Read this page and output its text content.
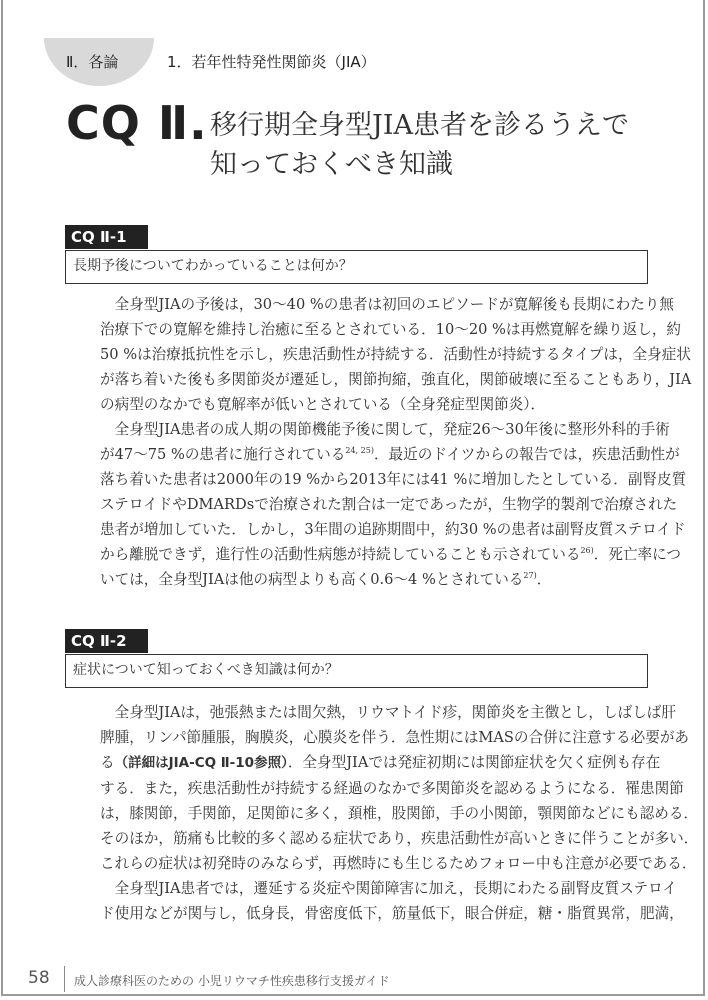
Ⅱ．各論	1．若年性特発性関節炎（JIA）
CQ Ⅱ. 移行期全身型JIA患者を診るうえで
知っておくべき知識
CQ Ⅱ-1
長期予後についてわかっていることは何か？
全身型JIAの予後は，30～40 %の患者は初回のエピソードが寛解後も長期にわたり無
治療下での寛解を維持し治癒に至るとされている．10～20 %は再燃寛解を繰り返し，約
50 %は治療抵抗性を示し，疾患活動性が持続する．活動性が持続するタイプは，全身症状
が落ち着いた後も多関節炎が遷延し，関節拘縮，強直化，関節破壊に至ることもあり，JIA
の病型のなかでも寛解率が低いとされている（全身発症型関節炎）．
全身型JIA患者の成人期の関節機能予後に関して，発症26～30年後に整形外科的手術
が47～75 %の患者に施行されている$^{24, 25)}$．最近のドイツからの報告では，疾患活動性が
落ち着いた患者は2000年の19 %から2013年には41 %に増加したとしている．副腎皮質
ステロイドやDMARDsで治療された割合は一定であったが，生物学的製剤で治療された
患者が増加していた．しかし，3年間の追跡期間中，約30 %の患者は副腎皮質ステロイド
から離脱できず，進行性の活動性病態が持続していることも示されている$^{26)}$．死亡率につ
いては，全身型JIAは他の病型よりも高く0.6～4 %とされている$^{27)}$．
CQ Ⅱ-2
症状について知っておくべき知識は何か？
全身型JIAは，弛張熱または間欠熱，リウマトイド疹，関節炎を主徴とし，しばしば肝
脾腫，リンパ節腫脹，胸膜炎，心膜炎を伴う．急性期にはMASの合併に注意する必要があ
る（詳細はJIA-CQ Ⅱ-10参照）．全身型JIAでは発症初期には関節症状を欠く症例も存在
する．また，疾患活動性が持続する経過のなかで多関節炎を認めるようになる．罹患関節
は，膝関節，手関節，足関節に多く，頚椎，股関節，手の小関節，顎関節などにも認める．
そのほか，筋痛も比較的多く認める症状であり，疾患活動性が高いときに伴うことが多い．
これらの症状は初発時のみならず，再燃時にも生じるためフォロー中も注意が必要である．
全身型JIA患者では，遷延する炎症や関節障害に加え，長期にわたる副腎皮質ステロイ
ド使用などが関与し，低身長，骨密度低下，筋量低下，眼合併症，糖・脂質異常，肥満，
58 成人診療科医のための 小児リウマチ性疾患移行支援ガイド
